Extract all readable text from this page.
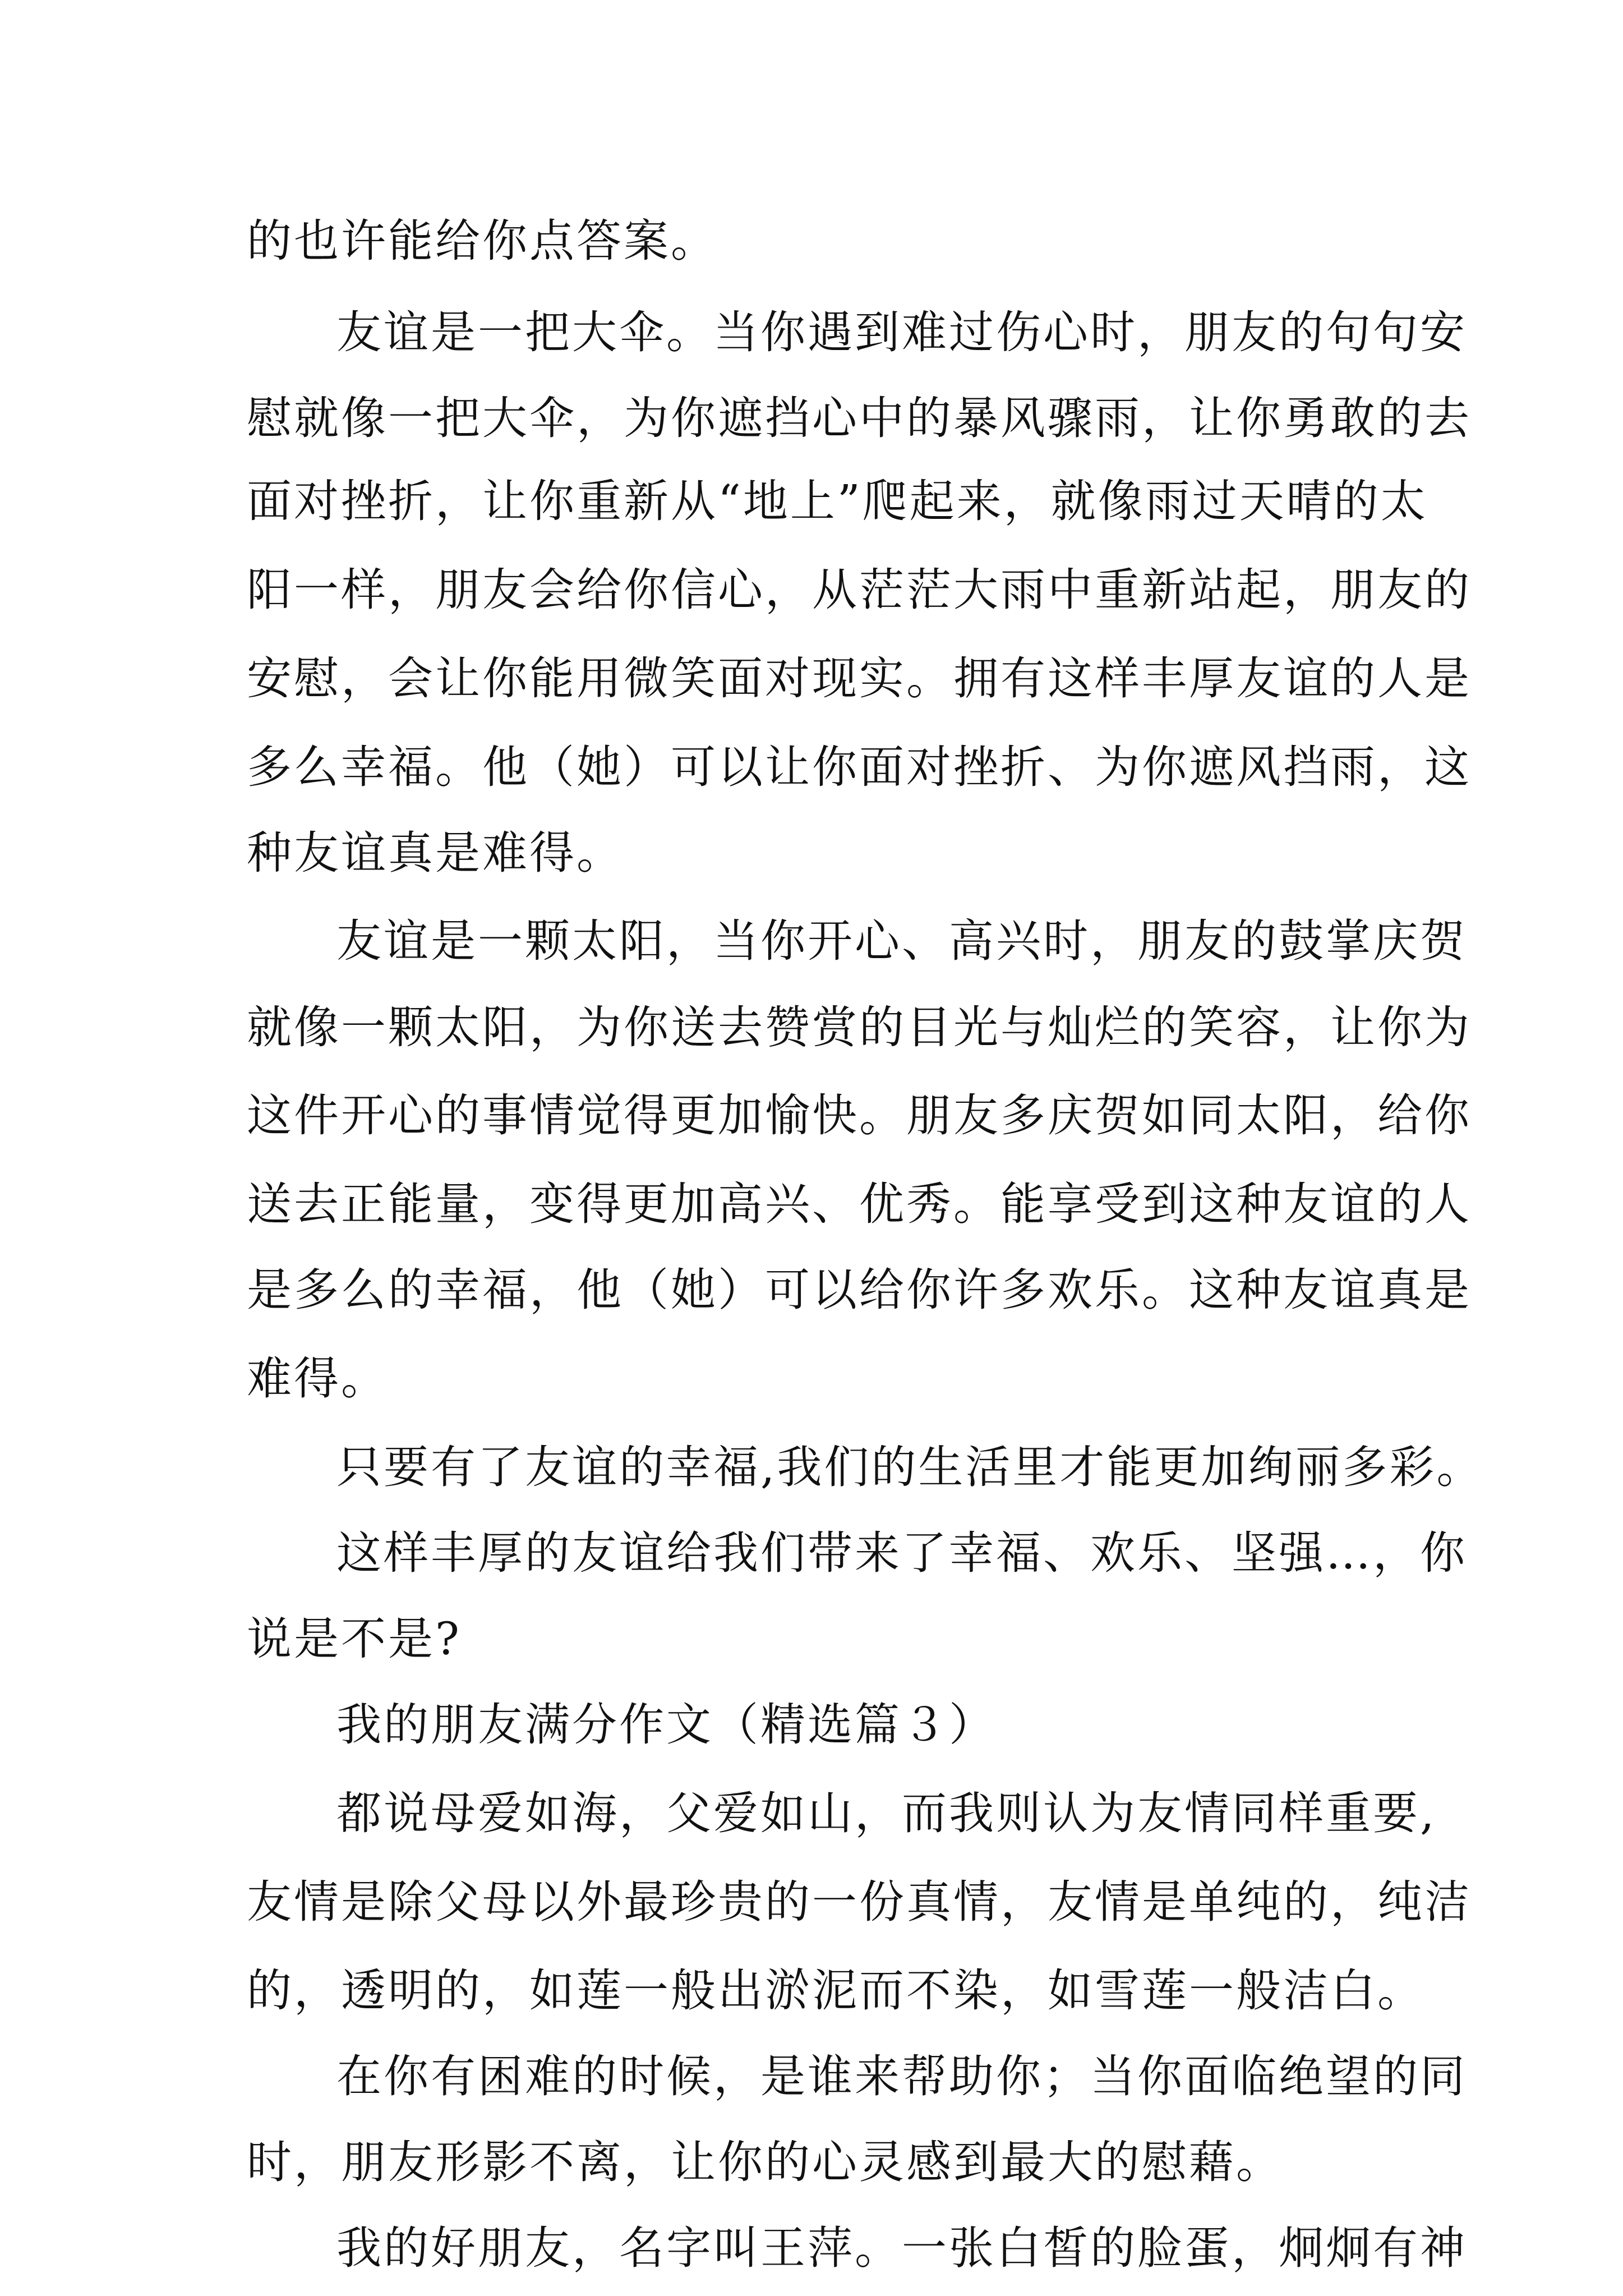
的也许能给你点答案。
友谊是一把大伞。当你遇到难过伤心时，朋友的句句安
慰就像一把大伞，为你遮挡心中的暴风骤雨，让你勇敢的去
面对挫折，让你重新从“地上”爬起来，就像雨过天晴的太
阳一样，朋友会给你信心，从茫茫大雨中重新站起，朋友的
安慰，会让你能用微笑面对现实。拥有这样丰厚友谊的人是
多么幸福。他（她）可以让你面对挫折、为你遮风挡雨，这
种友谊真是难得。
友谊是一颗太阳，当你开心、高兴时，朋友的鼓掌庆贺
就像一颗太阳，为你送去赞赏的目光与灿烂的笑容，让你为
这件开心的事情觉得更加愉快。朋友多庆贺如同太阳，给你
送去正能量，变得更加高兴、优秀。能享受到这种友谊的人
是多么的幸福，他（她）可以给你许多欢乐。这种友谊真是
难得。
只要有了友谊的幸福,我们的生活里才能更加绚丽多彩。
这样丰厚的友谊给我们带来了幸福、欢乐、坚强…，你
说是不是?
我的朋友满分作文（精选篇３）
都说母爱如海，父爱如山，而我则认为友情同样重要,
友情是除父母以外最珍贵的一份真情，友情是单纯的，纯洁
的，透明的，如莲一般出淤泥而不染，如雪莲一般洁白。
在你有困难的时候，是谁来帮助你；当你面临绝望的同
时，朋友形影不离，让你的心灵感到最大的慰藉。
我的好朋友，名字叫王萍。一张白皙的脸蛋，炯炯有神
